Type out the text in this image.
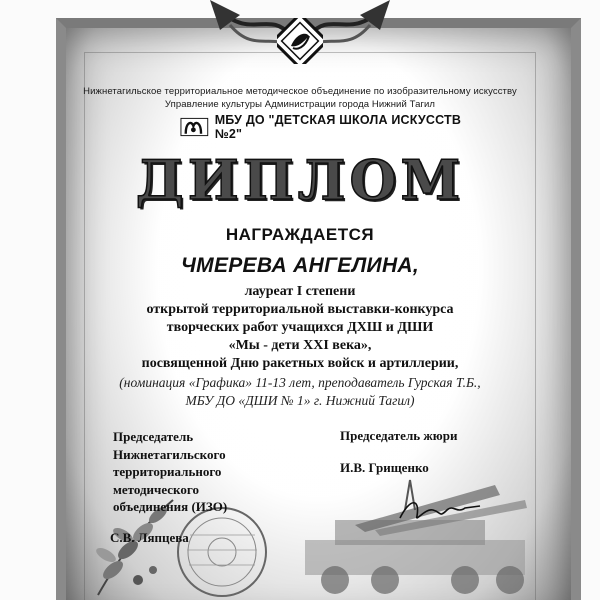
Нижнетагильское территориальное методическое объединение по изобразительному искусству
Управление культуры Администрации города Нижний Тагил
МБУ ДО "ДЕТСКАЯ ШКОЛА ИСКУССТВ №2"
ДИПЛОМ
НАГРАЖДАЕТСЯ
ЧМЕРЕВА АНГЕЛИНА,
лауреат I степени
открытой территориальной выставки-конкурса
творческих работ учащихся ДХШ и ДШИ
«Мы - дети XXI века»,
посвященной Дню ракетных войск и артиллерии,
(номинация «Графика» 11-13 лет, преподаватель Гурская Т.Б.,
МБУ ДО «ДШИ № 1» г. Нижний Тагил)
Председатель
Нижнетагильского
территориального
методического
объединения (ИЗО)
С.В. Ляпцева
Председатель жюри
И.В. Грищенко
